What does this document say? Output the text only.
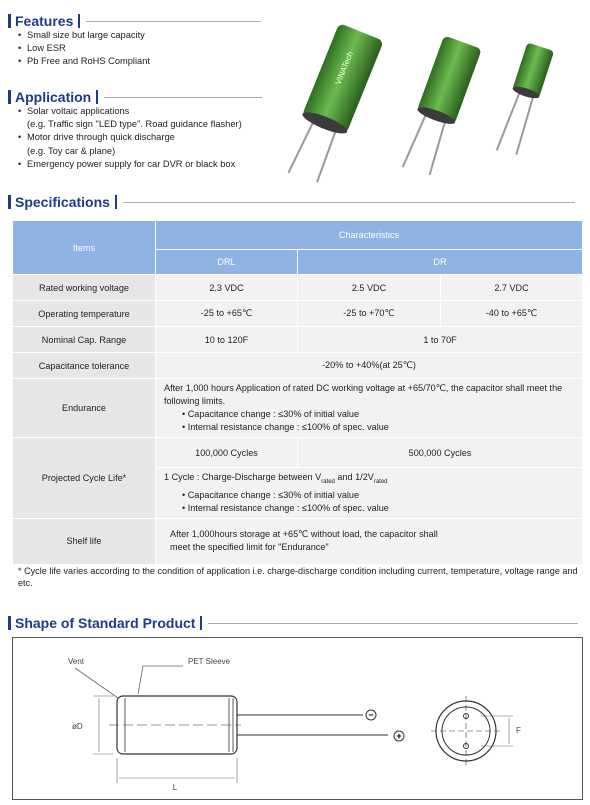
Features
• Small size but large capacity
• Low ESR
• Pb Free and RoHS Compliant
Application
• Solar voltaic applications
(e.g. Traffic sign "LED type". Road guidance flasher)
• Motor drive through quick discharge
(e.g. Toy car & plane)
• Emergency power supply for car DVR or black box
VINATech
Specifications
Items	Characteristics		
	DRL	DR	
Rated working voltage	2.3 VDC	2.5 VDC	2.7 VDC
Operating temperature	-25 to +65℃	-25 to +70℃	-40 to +65℃
Nominal Cap. Range	10 to 120F	1 to 70F	
Capacitance tolerance	-20% to +40%(at 25℃)		
Endurance	After 1,000 hours Application of rated DC working voltage at +65/70℃, the capacitor shall meet the following limits.
• Capacitance change : ≤30% of initial value
• Internal resistance change : ≤100% of spec. value

Projected Cycle Life*	100,000 Cycles	500,000 Cycles	
	1 Cycle : Charge-Discharge between $V_{rated}$ and $1/2V_{rated}$
• Capacitance change : ≤30% of initial value
• Internal resistance change : ≤100% of spec. value

Shelf life	After 1,000hours storage at +65℃ without load, the capacitor shall
meet the specified limit for "Endurance"		
* Cycle life varies according to the condition of application i.e. charge-discharge condition including current, temperature, voltage range and etc.
Shape of Standard Product
Vent	PET Sleeve
−
+
øD
L
F
